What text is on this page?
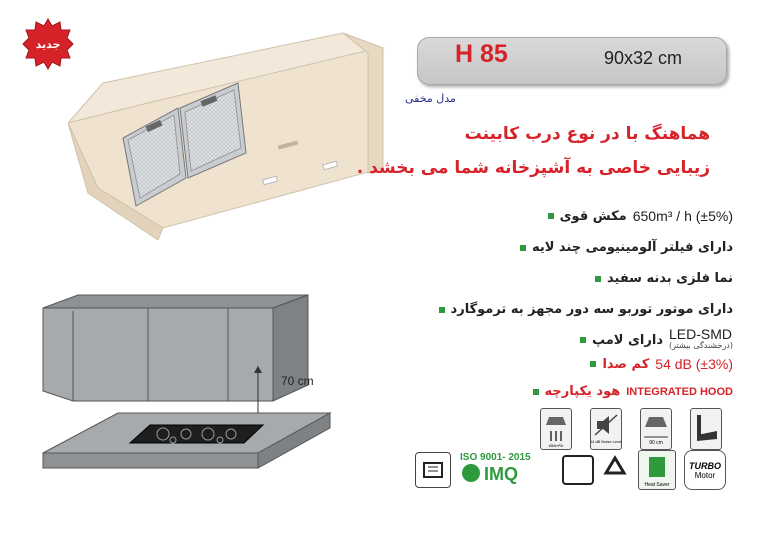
جدید
70 cm
H 85	90x32 cm
مدل مخفی
هماهنگ با در نوع درب کابینت
زیبایی خاصی به آشپزخانه شما می بخشد .
مکش قوی 650m³ / h (±5%)
دارای فیلتر آلومینیومی چند لایه
نما فلزی بدنه سفید
دارای موتور توربو سه دور مجهز به ترموگارد
دارای لامپ LED-SMD
(درخشندگی بیشتر)
کم صدا 54 dB (±3%)
هود یکپارچه INTEGRATED HOOD
650m³/h
54 dB Noise Level	90 cm
ISO 9001- 2015
IMQ
Heat Saver
TURBO
Motor
